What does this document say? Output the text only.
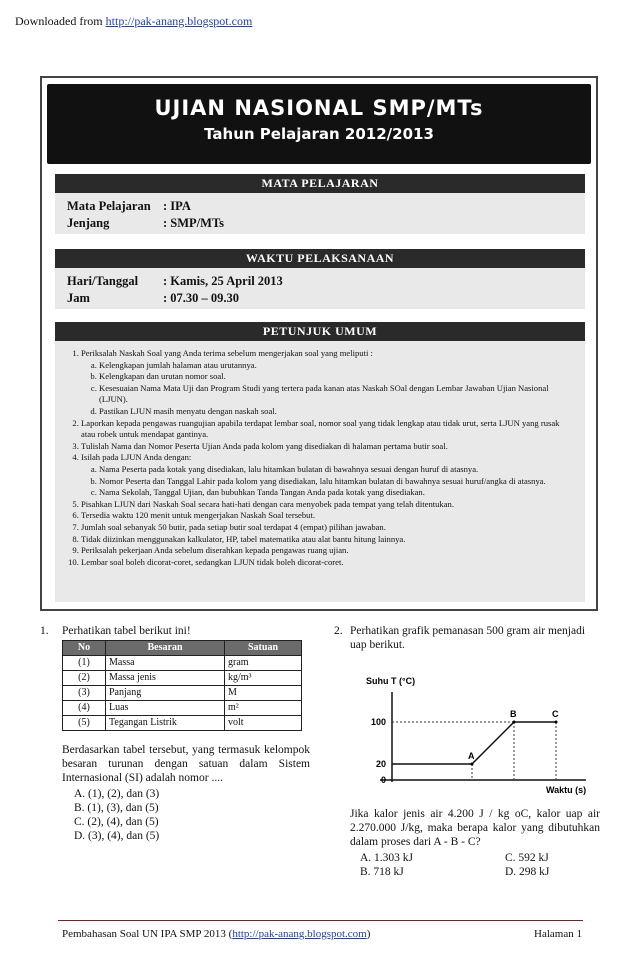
Downloaded from http://pak-anang.blogspot.com
UJIAN NASIONAL SMP/MTs
Tahun Pelajaran 2012/2013
MATA PELAJARAN
Mata Pelajaran : IPA
Jenjang	: SMP/MTs
WAKTU PELAKSANAAN
Hari/Tanggal : Kamis, 25 April 2013
Jam	: 07.30 – 09.30
PETUNJUK UMUM
1. Periksalah Naskah Soal yang Anda terima sebelum mengerjakan soal yang meliputi :
a. Kelengkapan jumlah halaman atau urutannya.
b. Kelengkapan dan urutan nomor soal.
c. Kesesuaian Nama Mata Uji dan Program Studi yang tertera pada kanan atas Naskah SOal dengan Lembar Jawaban Ujian Nasional (LJUN).
d. Pastikan LJUN masih menyatu dengan naskah soal.
2. Laporkan kepada pengawas ruangujian apabila terdapat lembar soal, nomor soal yang tidak lengkap atau tidak urut, serta LJUN yang rusak atau robek untuk mendapat gantinya.
3. Tulislah Nama dan Nomor Peserta Ujian Anda pada kolom yang disediakan di halaman pertama butir soal.
4. Isilah pada LJUN Anda dengan:
a. Nama Peserta pada kotak yang disediakan, lalu hitamkan bulatan di bawahnya sesuai dengan huruf di atasnya.
b. Nomor Peserta dan Tanggal Lahir pada kolom yang disediakan, lalu hitamkan bulatan di bawahnya sesuai huruf/angka di atasnya.
c. Nama Sekolah, Tanggal Ujian, dan bubuhkan Tanda Tangan Anda pada kotak yang disediakan.
5. Pisahkan LJUN dari Naskah Soal secara hati-hati dengan cara menyobek pada tempat yang telah ditentukan.
6. Tersedia waktu 120 menit untuk mengerjakan Naskah Soal tersebut.
7. Jumlah soal sebanyak 50 butir, pada setiap butir soal terdapat 4 (empat) pilihan jawaban.
8. Tidak diizinkan menggunakan kalkulator, HP, tabel matematika atau alat bantu hitung lainnya.
9. Periksalah pekerjaan Anda sebelum diserahkan kepada pengawas ruang ujian.
10. Lembar soal boleh dicorat-coret, sedangkan LJUN tidak boleh dicorat-coret.
1. Perhatikan tabel berikut ini!
No	Besaran	Satuan
(1)	Massa	gram
(2)	Massa jenis	kg/m³
(3)	Panjang	M
(4)	Luas	m²
(5)	Tegangan Listrik	volt
Berdasarkan tabel tersebut, yang termasuk kelompok besaran turunan dengan satuan dalam Sistem Internasional (SI) adalah nomor ....
A. (1), (2), dan (3)
B. (1), (3), dan (5)
C. (2), (4), dan (5)
D. (3), (4), dan (5)
2. Perhatikan grafik pemanasan 500 gram air menjadi uap berikut.
Suhu T (°C)
0
20
100
A
B	C
Waktu (s)
Jika kalor jenis air 4.200 J / kg oC, kalor uap air 2.270.000 J/kg, maka berapa kalor yang dibutuhkan dalam proses dari A - B - C?
A. 1.303 kJ	C. 592 kJ
B. 718 kJ	D. 298 kJ
Pembahasan Soal UN IPA SMP 2013 (http://pak-anang.blogspot.com)	Halaman 1
